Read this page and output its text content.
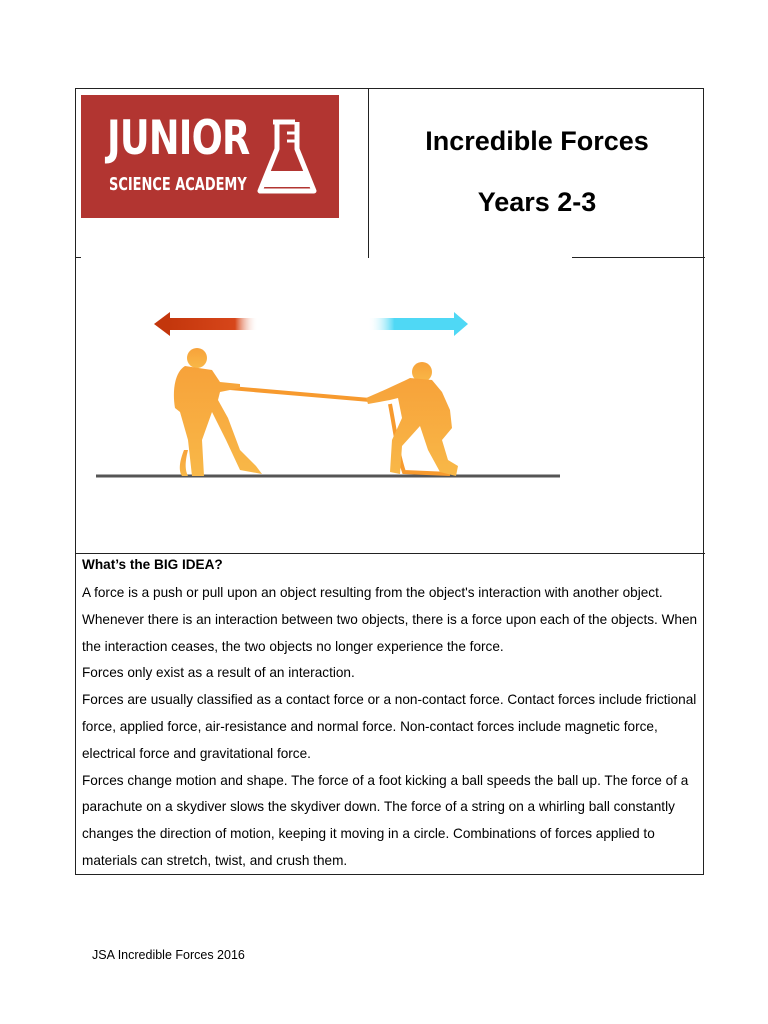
JUNIOR
SCIENCE ACADEMY
Incredible Forces
Years 2-3
What’s the BIG IDEA?

A force is a push or pull upon an object resulting from the object's interaction with another object. Whenever there is an interaction between two objects, there is a force upon each of the objects. When the interaction ceases, the two objects no longer experience the force.

Forces only exist as a result of an interaction.

Forces are usually classified as a contact force or a non-contact force. Contact forces include frictional force, applied force, air-resistance and normal force. Non-contact forces include magnetic force, electrical force and gravitational force.

Forces change motion and shape. The force of a foot kicking a ball speeds the ball up. The force of a parachute on a skydiver slows the skydiver down. The force of a string on a whirling ball constantly changes the direction of motion, keeping it moving in a circle. Combinations of forces applied to materials can stretch, twist, and crush them.

JSA Incredible Forces 2016
